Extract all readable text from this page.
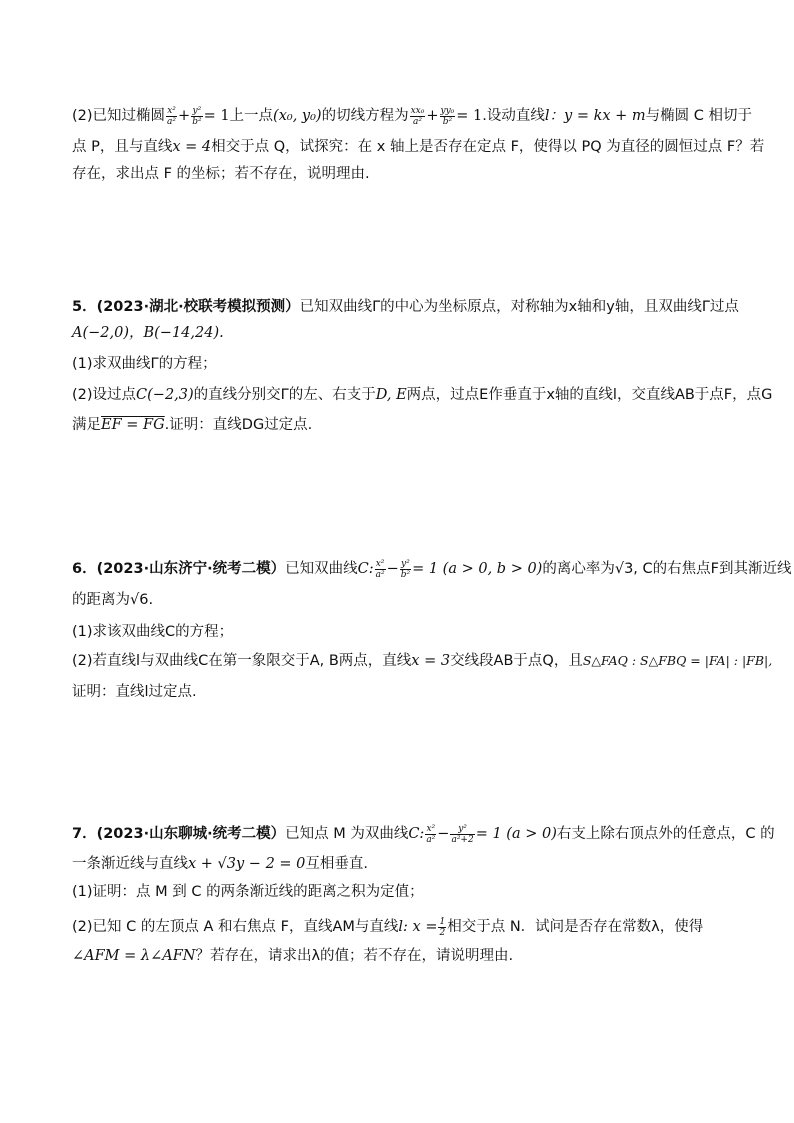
(2)已知过椭圆 $\frac{\text{x²}}{\text{a²}} + \frac{\text{y²}}{\text{b²}} = 1$上一点(x₀, y₀)的切线方程为 $\frac{\text{xx₀}}{\text{a²}} + \frac{\text{yy₀}}{\text{b²}} = 1$.设动直线l：y = kx + m与椭圆 C 相切于
点 P，且与直线x = 4相交于点 Q，试探究：在 x 轴上是否存在定点 F，使得以 PQ 为直径的圆恒过点 F？若
存在，求出点 F 的坐标；若不存在，说明理由.
5．(2023·湖北·校联考模拟预测）已知双曲线Γ的中心为坐标原点，对称轴为x轴和y轴，且双曲线Γ过点
A(−2,0)，B(−14,24).
(1)求双曲线Γ的方程；
(2)设过点C(−2,3)的直线分别交Γ的左、右支于D, E两点，过点E作垂直于x轴的直线l，交直线AB于点F，点G
满足EF = FG.证明：直线DG过定点.
6．(2023·山东济宁·统考二模）已知双曲线C: $\frac{\text{x²}}{\text{a²}} - \frac{\text{y²}}{\text{b²}} = 1$ (a > 0, b > 0)的离心率为√3, C的右焦点F到其渐近线
的距离为√6.
(1)求该双曲线C的方程；
(2)若直线l与双曲线C在第一象限交于A, B两点，直线x = 3交线段AB于点Q，且S△FAQ : S△FBQ = |FA| : |FB|,
证明：直线l过定点.
7．(2023·山东聊城·统考二模）已知点 M 为双曲线C: $\frac{\text{x²}}{\text{a²}} - \frac{\text{y²}}{\text{a²+2}} = 1$ (a > 0)右支上除右顶点外的任意点，C 的
一条渐近线与直线x + √3y − 2 = 0互相垂直.
(1)证明：点 M 到 C 的两条渐近线的距离之积为定值；
(2)已知 C 的左顶点 A 和右焦点 F，直线AM与直线l: $x = \frac{1}{2}$ 相交于点 N．试问是否存在常数λ，使得
∠AFM = λ∠AFN？若存在，请求出λ的值；若不存在，请说明理由.
